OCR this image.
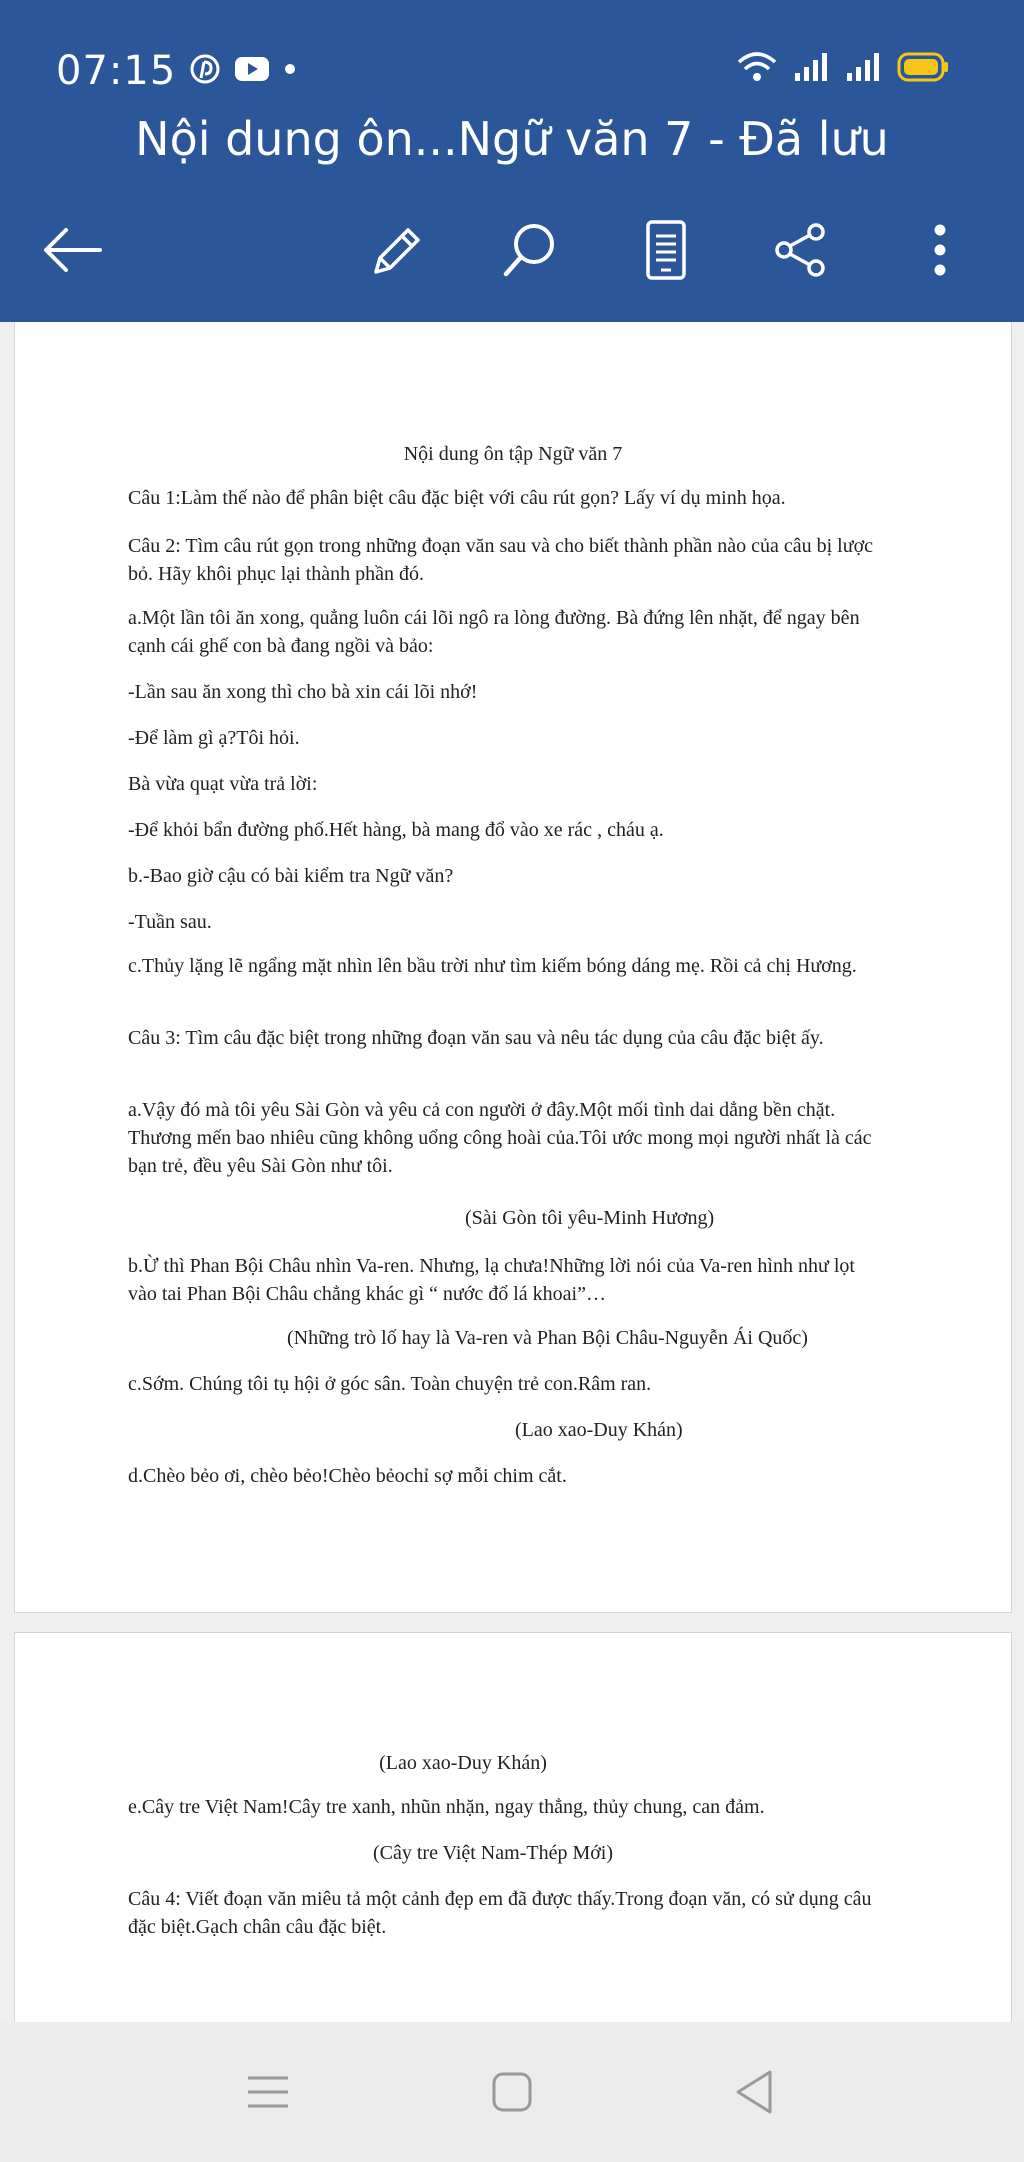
07:15
Nội dung ôn...Ngữ văn 7 - Đã lưu

Nội dung ôn tập Ngữ văn 7

Câu 1:Làm thế nào để phân biệt câu đặc biệt với câu rút gọn? Lấy ví dụ minh họa.

Câu 2: Tìm câu rút gọn trong những đoạn văn sau và cho biết thành phần nào của câu bị lược bỏ. Hãy khôi phục lại thành phần đó.

a.Một lần tôi ăn xong, quẳng luôn cái lõi ngô ra lòng đường. Bà đứng lên nhặt, để ngay bên cạnh cái ghế con bà đang ngồi và bảo:

-Lần sau ăn xong thì cho bà xin cái lõi nhớ!

-Để làm gì ạ?Tôi hỏi.

Bà vừa quạt vừa trả lời:

-Để khỏi bẩn đường phố.Hết hàng, bà mang đổ vào xe rác , cháu ạ.

b.-Bao giờ cậu có bài kiểm tra Ngữ văn?

-Tuần sau.

c.Thủy lặng lẽ ngẩng mặt nhìn lên bầu trời như tìm kiếm bóng dáng mẹ. Rồi cả chị Hương.

Câu 3: Tìm câu đặc biệt trong những đoạn văn sau và nêu tác dụng của câu đặc biệt ấy.

a.Vậy đó mà tôi yêu Sài Gòn và yêu cả con người ở đây.Một mối tình dai dẳng bền chặt. Thương mến bao nhiêu cũng không uổng công hoài của.Tôi ước mong mọi người nhất là các bạn trẻ, đều yêu Sài Gòn như tôi.

(Sài Gòn tôi yêu-Minh Hương)

b.Ừ thì Phan Bội Châu nhìn Va-ren. Nhưng, lạ chưa!Những lời nói của Va-ren hình như lọt vào tai Phan Bội Châu chẳng khác gì “ nước đổ lá khoai”…

(Những trò lố hay là Va-ren và Phan Bội Châu-Nguyễn Ái Quốc)

c.Sớm. Chúng tôi tụ hội ở góc sân. Toàn chuyện trẻ con.Râm ran.

(Lao xao-Duy Khán)

d.Chèo bẻo ơi, chèo bẻo!Chèo bẻochỉ sợ mỗi chim cắt.

(Lao xao-Duy Khán)

e.Cây tre Việt Nam!Cây tre xanh, nhũn nhặn, ngay thẳng, thủy chung, can đảm.

(Cây tre Việt Nam-Thép Mới)

Câu 4: Viết đoạn văn miêu tả một cảnh đẹp em đã được thấy.Trong đoạn văn, có sử dụng câu đặc biệt.Gạch chân câu đặc biệt.
